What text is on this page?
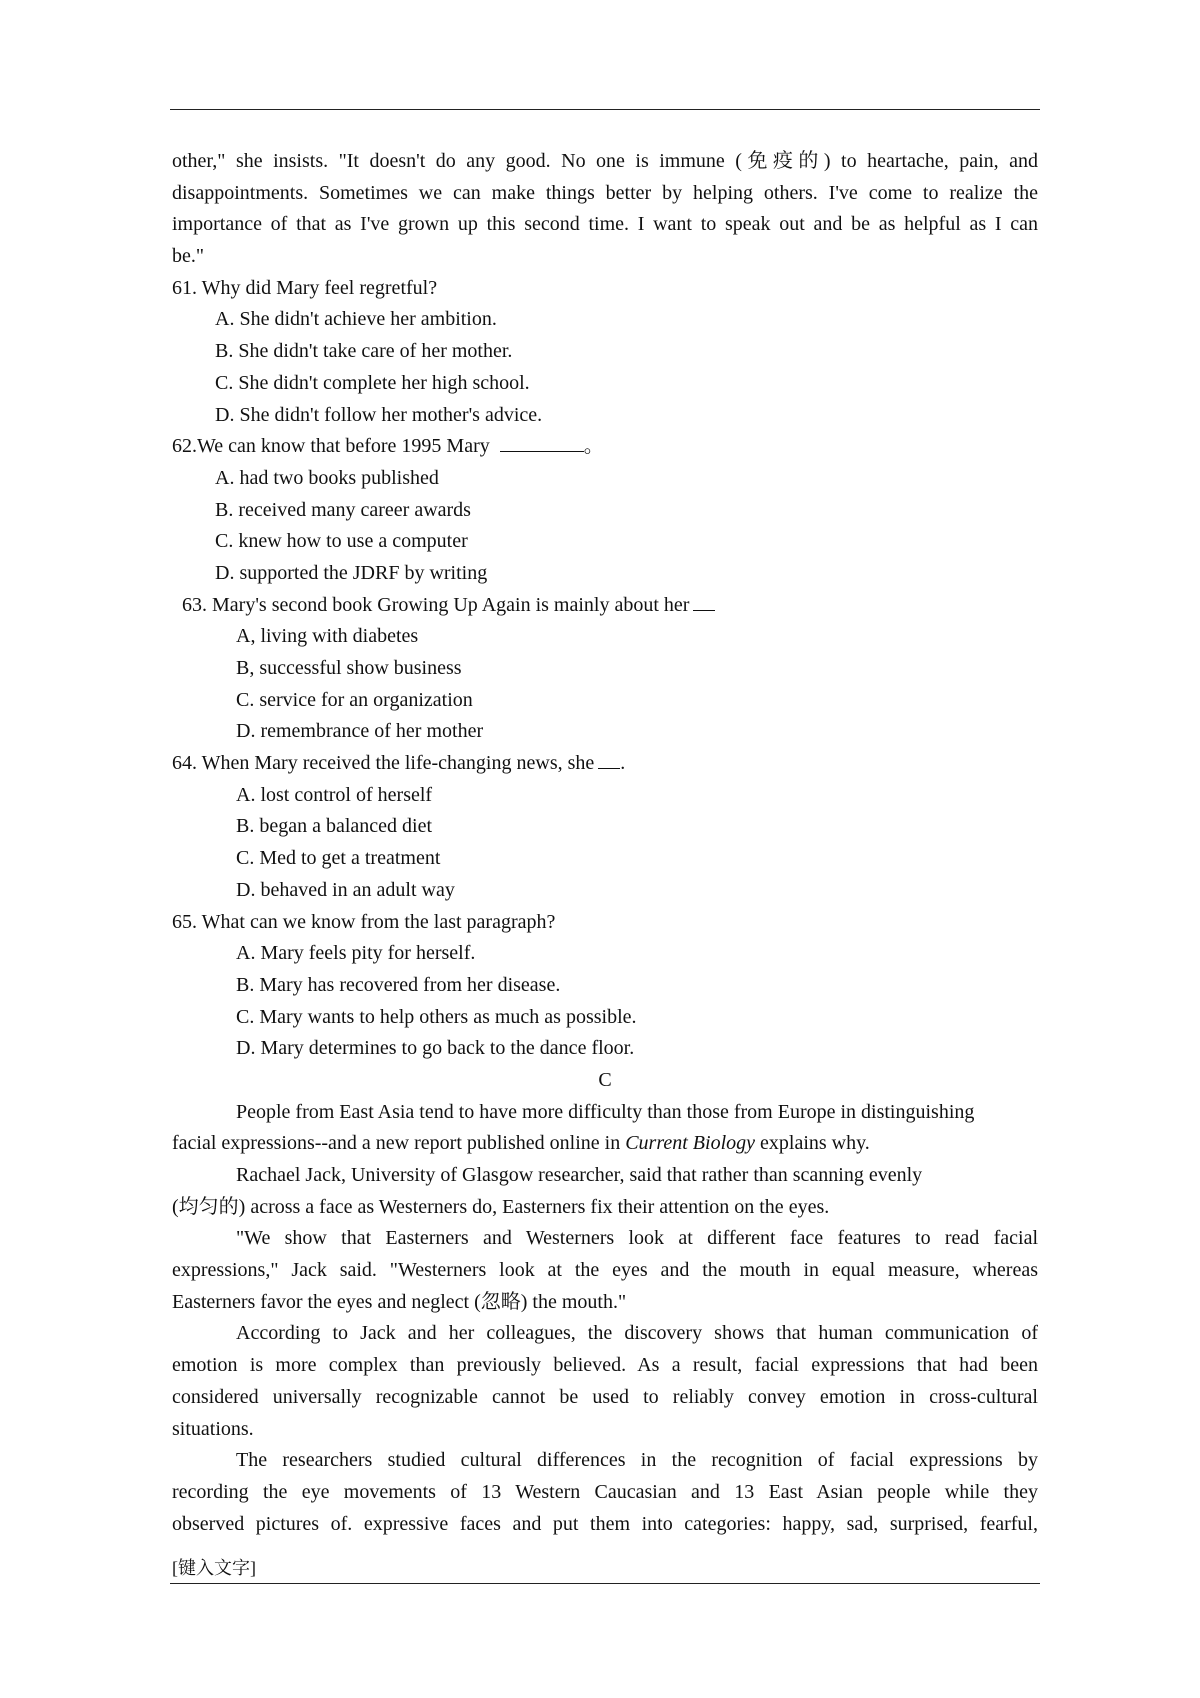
other," she insists. "It doesn't do any good. No one is immune (免疫的) to heartache, pain, and
disappointments. Sometimes we can make things better by helping others. I've come to realize the
importance of that as I've grown up this second time. I want to speak out and be as helpful as I can
be."
61. Why did Mary feel regretful?
A. She didn't achieve her ambition.
B. She didn't take care of her mother.
C. She didn't complete her high school.
D. She didn't follow her mother's advice.
62.We can know that before 1995 Mary	。
A. had two books published
B. received many career awards
C. knew how to use a computer
D. supported the JDRF by writing
63. Mary's second book Growing Up Again is mainly about her
A, living with diabetes
B, successful show business
C. service for an organization
D. remembrance of her mother
64. When Mary received the life-changing news, she .
A. lost control of herself
B. began a balanced diet
C. Med to get a treatment
D. behaved in an adult way
65. What can we know from the last paragraph?
A. Mary feels pity for herself.
B. Mary has recovered from her disease.
C. Mary wants to help others as much as possible.
D. Mary determines to go back to the dance floor.
C
People from East Asia tend to have more difficulty than those from Europe in distinguishing
facial expressions--and a new report published online in Current Biology explains why.
Rachael Jack, University of Glasgow researcher, said that rather than scanning evenly
(均匀的) across a face as Westerners do, Easterners fix their attention on the eyes.
"We show that Easterners and Westerners look at different face features to read facial
expressions," Jack said. "Westerners look at the eyes and the mouth in equal measure, whereas
Easterners favor the eyes and neglect (忽略) the mouth."
According to Jack and her colleagues, the discovery shows that human communication of
emotion is more complex than previously believed. As a result, facial expressions that had been
considered universally recognizable cannot be used to reliably convey emotion in cross-cultural
situations.
The researchers studied cultural differences in the recognition of facial expressions by
recording the eye movements of 13 Western Caucasian and 13 East Asian people while they
observed pictures of. expressive faces and put them into categories: happy, sad, surprised, fearful,
[键入文字]
